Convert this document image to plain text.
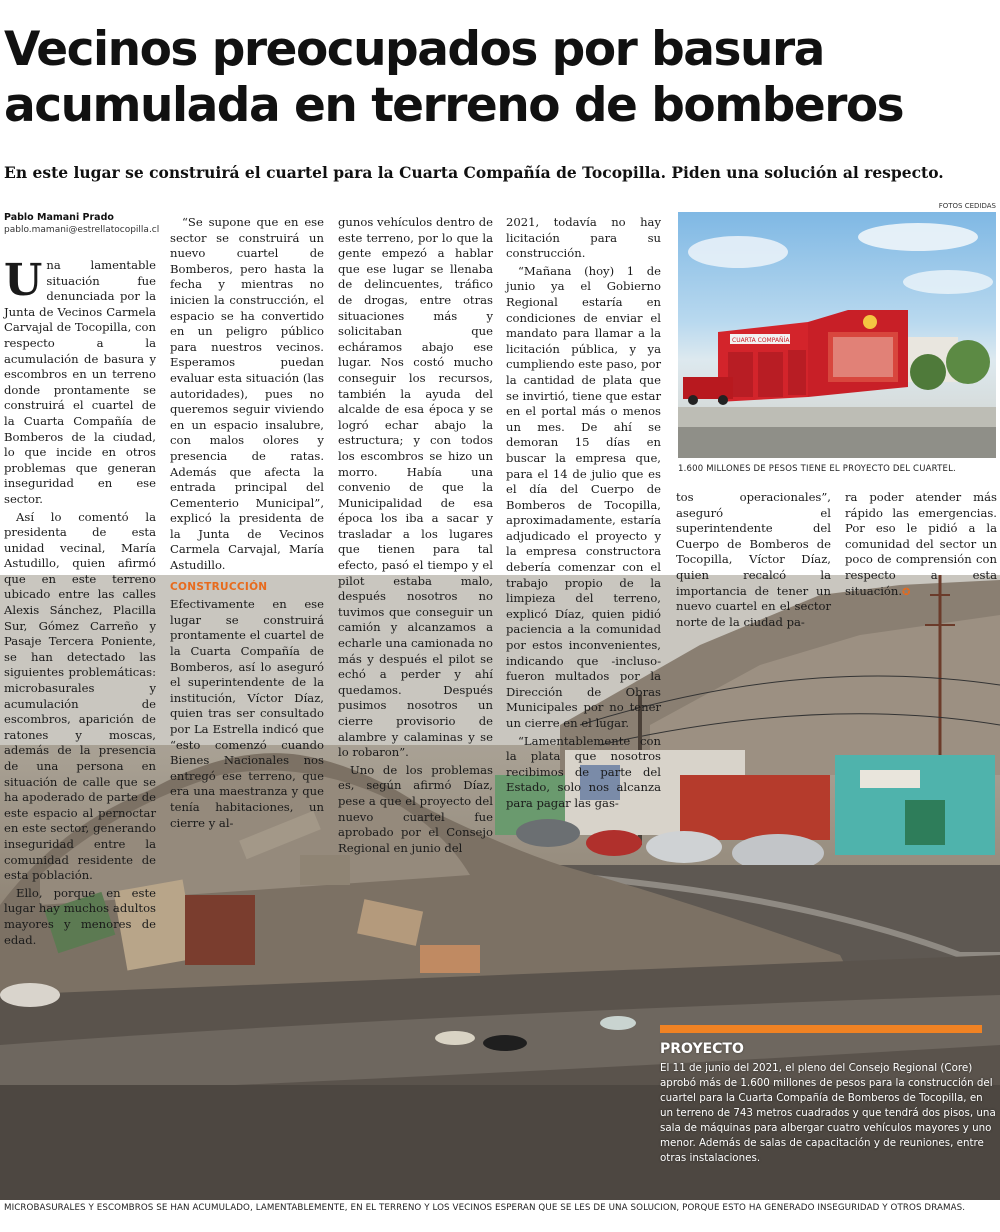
Vecinos preocupados por basura
acumulada en terreno de bomberos
En este lugar se construirá el cuartel para la Cuarta Compañía de Tocopilla. Piden una solución al respecto.
FOTOS CEDIDAS
Pablo Mamani Prado
pablo.mamani@estrellatocopilla.cl

Una lamentable situación fue denunciada por la Junta de Vecinos Carmela Carvajal de Tocopilla, con respecto a la acumulación de basura y escombros en un terreno donde prontamente se construirá el cuartel de la Cuarta Compañía de Bomberos de la ciudad, lo que incide en otros problemas que generan inseguridad en ese sector.

Así lo comentó la presidenta de esta unidad vecinal, María Astudillo, quien afirmó que en este terreno ubicado entre las calles Alexis Sánchez, Placilla Sur, Gómez Carreño y Pasaje Tercera Poniente, se han detectado las siguientes problemáticas: microbasurales y acumulación de escombros, aparición de ratones y moscas, además de la presencia de una persona en situación de calle que se ha apoderado de parte de este espacio al pernoctar en este sector, generando inseguridad entre la comunidad residente de esta población.

Ello, porque en este lugar hay muchos adultos mayores y menores de edad.

“Se supone que en ese sector se construirá un nuevo cuartel de Bomberos, pero hasta la fecha y mientras no inicien la construcción, el espacio se ha convertido en un peligro público para nuestros vecinos. Esperamos puedan evaluar esta situación (las autoridades), pues no queremos seguir viviendo en un espacio insalubre, con malos olores y presencia de ratas. Además que afecta la entrada principal del Cementerio Municipal”, explicó la presidenta de la Junta de Vecinos Carmela Carvajal, María Astudillo.

CONSTRUCCIÓN

Efectivamente en ese lugar se construirá prontamente el cuartel de la Cuarta Compañía de Bomberos, así lo aseguró el superintendente de la institución, Víctor Díaz, quien tras ser consultado por La Estrella indicó que “esto comenzó cuando Bienes Nacionales nos entregó ese terreno, que era una maestranza y que tenía habitaciones, un cierre y al-

gunos vehículos dentro de este terreno, por lo que la gente empezó a hablar que ese lugar se llenaba de delincuentes, tráfico de drogas, entre otras situaciones más y solicitaban que echáramos abajo ese lugar. Nos costó mucho conseguir los recursos, también la ayuda del alcalde de esa época y se logró echar abajo la estructura; y con todos los escombros se hizo un morro. Había una convenio de que la Municipalidad de esa época los iba a sacar y trasladar a los lugares que tienen para tal efecto, pasó el tiempo y el pilot estaba malo, después nosotros no tuvimos que conseguir un camión y alcanzamos a echarle una camionada no más y después el pilot se echó a perder y ahí quedamos. Después pusimos nosotros un cierre provisorio de alambre y calaminas y se lo robaron”.

Uno de los problemas es, según afirmó Díaz, pese a que el proyecto del nuevo cuartel fue aprobado por el Consejo Regional en junio del

2021, todavía no hay licitación para su construcción.

“Mañana (hoy) 1 de junio ya el Gobierno Regional estaría en condiciones de enviar el mandato para llamar a la licitación pública, y ya cumpliendo este paso, por la cantidad de plata que se invirtió, tiene que estar en el portal más o menos un mes. De ahí se demoran 15 días en buscar la empresa que, para el 14 de julio que es el día del Cuerpo de Bomberos de Tocopilla, aproximadamente, estaría adjudicado el proyecto y la empresa constructora debería comenzar con el trabajo propio de la limpieza del terreno, explicó Díaz, quien pidió paciencia a la comunidad por estos inconvenientes, indicando que -incluso- fueron multados por la Dirección de Obras Municipales por no tener un cierre en el lugar.

“Lamentablemente con la plata que nosotros recibimos de parte del Estado, solo nos alcanza para pagar las gas-

CUARTA COMPAÑÍA
1.600 MILLONES DE PESOS TIENE EL PROYECTO DEL CUARTEL.

tos operacionales”, aseguró el superintendente del Cuerpo de Bomberos de Tocopilla, Víctor Díaz, quien recalcó la importancia de tener un nuevo cuartel en el sector norte de la ciudad pa-

ra poder atender más rápido las emergencias. Por eso le pidió a la comunidad del sector un poco de comprensión con respecto a esta situación.✪

PROYECTO
El 11 de junio del 2021, el pleno del Consejo Regional (Core) aprobó más de 1.600 millones de pesos para la construcción del cuartel para la Cuarta Compañía de Bomberos de Tocopilla, en un terreno de 743 metros cuadrados y que tendrá dos pisos, una sala de máquinas para albergar cuatro vehículos mayores y uno menor. Además de salas de capacitación y de reuniones, entre otras instalaciones.
MICROBASURALES Y ESCOMBROS SE HAN ACUMULADO, LAMENTABLEMENTE, EN EL TERRENO Y LOS VECINOS ESPERAN QUE SE LES DÉ UNA SOLUCIÓN, PORQUE ESTO HA GENERADO INSEGURIDAD Y OTROS DRAMAS.
